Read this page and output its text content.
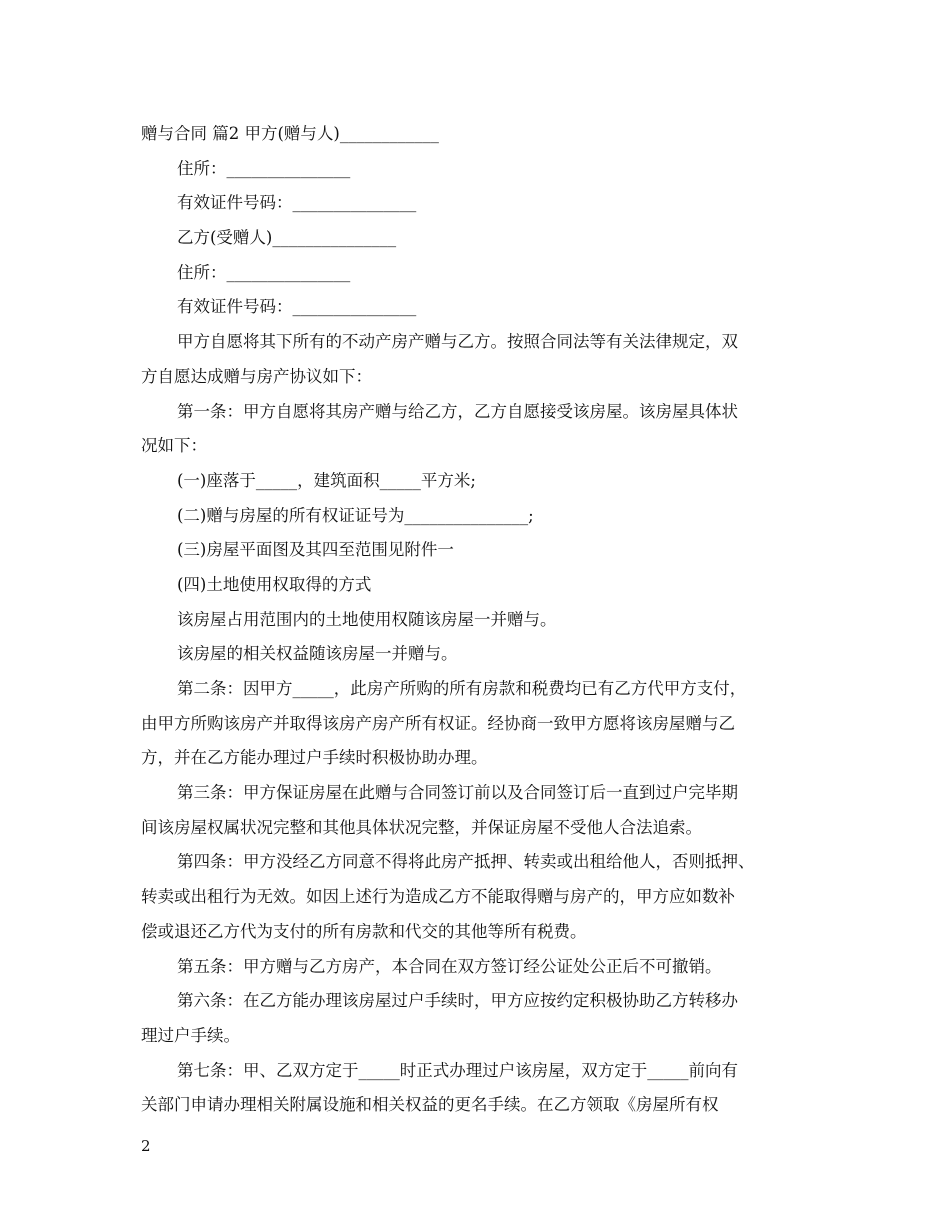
赠与合同 篇2 甲方(赠与人)____________
住所：_______________
有效证件号码：_______________
乙方(受赠人)_______________
住所：_______________
有效证件号码：_______________
甲方自愿将其下所有的不动产房产赠与乙方。按照合同法等有关法律规定，双
方自愿达成赠与房产协议如下：
第一条：甲方自愿将其房产赠与给乙方，乙方自愿接受该房屋。该房屋具体状
况如下：
(一)座落于_____，建筑面积_____平方米;
(二)赠与房屋的所有权证证号为_______________;
(三)房屋平面图及其四至范围见附件一
(四)土地使用权取得的方式
该房屋占用范围内的土地使用权随该房屋一并赠与。
该房屋的相关权益随该房屋一并赠与。
第二条：因甲方_____，此房产所购的所有房款和税费均已有乙方代甲方支付，
由甲方所购该房产并取得该房产房产所有权证。经协商一致甲方愿将该房屋赠与乙
方，并在乙方能办理过户手续时积极协助办理。
第三条：甲方保证房屋在此赠与合同签订前以及合同签订后一直到过户完毕期
间该房屋权属状况完整和其他具体状况完整，并保证房屋不受他人合法追索。
第四条：甲方没经乙方同意不得将此房产抵押、转卖或出租给他人，否则抵押、
转卖或出租行为无效。如因上述行为造成乙方不能取得赠与房产的，甲方应如数补
偿或退还乙方代为支付的所有房款和代交的其他等所有税费。
第五条：甲方赠与乙方房产，本合同在双方签订经公证处公正后不可撤销。
第六条：在乙方能办理该房屋过户手续时，甲方应按约定积极协助乙方转移办
理过户手续。
第七条：甲、乙双方定于_____时正式办理过户该房屋，双方定于_____前向有
关部门申请办理相关附属设施和相关权益的更名手续。在乙方领取《房屋所有权
2
